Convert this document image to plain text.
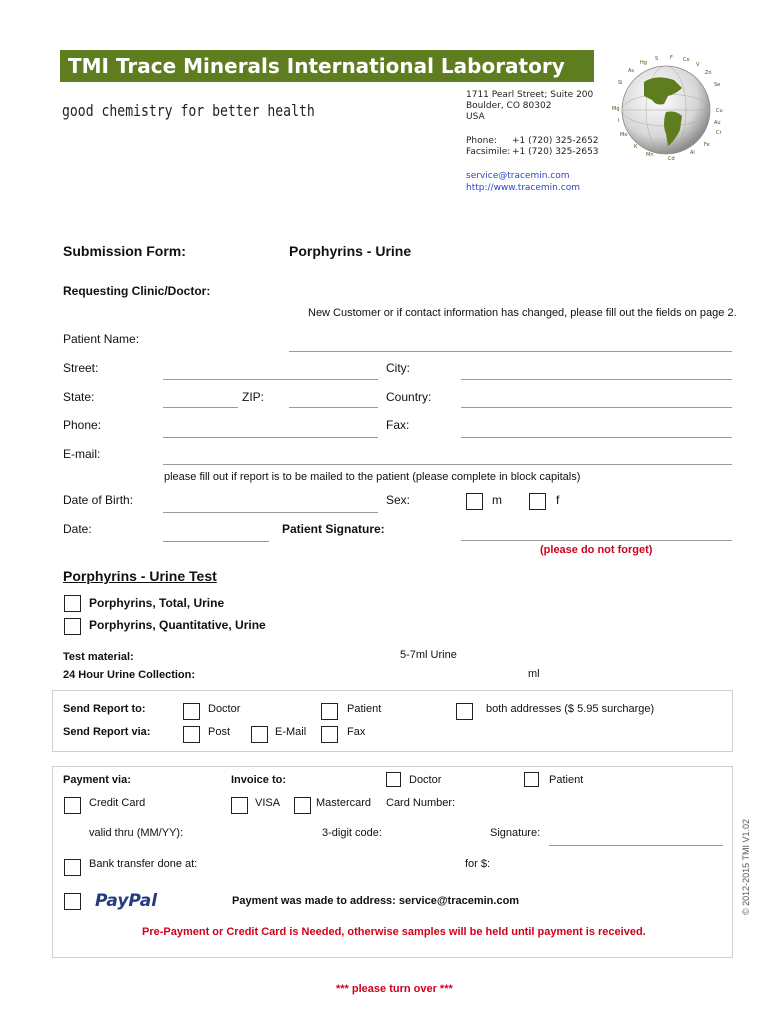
TMI Trace Minerals International Laboratory
good chemistry for better health
1711 Pearl Street; Suite 200
Boulder, CO 80302
USA
Phone: +1 (720) 325-2652
Facsimile: +1 (720) 325-2653
service@tracemin.com
http://www.tracemin.com
Hg
S F Co
As
V
Zn
Se
Si
Mg	Cu
I
Mo
K
Mn
Cr
Al
Fe
Cd
Au
Submission Form:	Porphyrins - Urine
Requesting Clinic/Doctor:
New Customer or if contact information has changed, please fill out the fields on page 2.
Patient Name:
Street:	City:
State:	ZIP:	Country:
Phone:	Fax:
E-mail:
please fill out if report is to be mailed to the patient (please complete in block capitals)
Date of Birth:	Sex:	m	f
Date:	Patient Signature:
(please do not forget)
Porphyrins - Urine Test
Porphyrins, Total, Urine
Porphyrins, Quantitative, Urine
Test material:	5-7ml Urine
24 Hour Urine Collection:	ml
Send Report to:	Doctor	Patient	both addresses ($ 5.95 surcharge)
Send Report via:	Post	E-Mail	Fax
Payment via:	Invoice to:	Doctor	Patient
Credit Card	VISA	Mastercard Card Number:
valid thru (MM/YY):	3-digit code:	Signature:
Bank transfer done at:	for $:
PayPal	Payment was made to address: service@tracemin.com
Pre-Payment or Credit Card is Needed, otherwise samples will be held until payment is received.
© 2012-2015 TMI V1.02
*** please turn over ***
